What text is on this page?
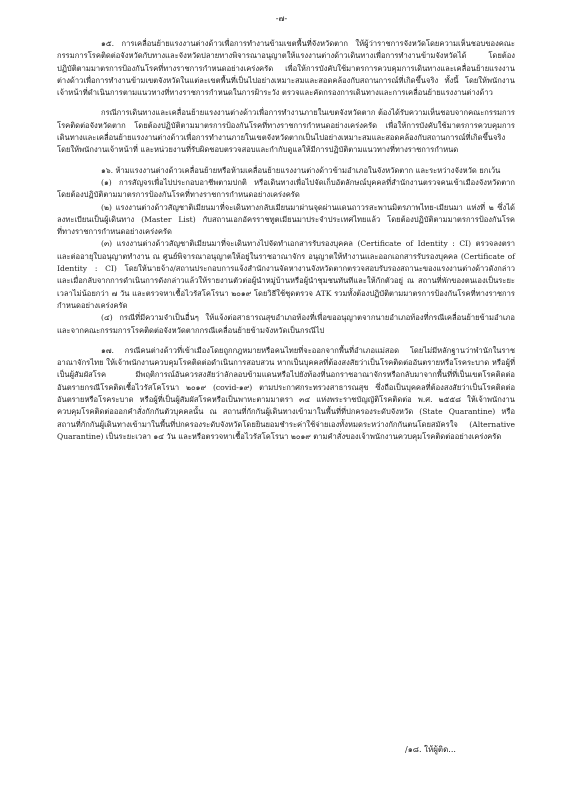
-๗-

๑๕. การเคลื่อนย้ายแรงงานต่างด้าวเพื่อการทำงานข้ามเขตพื้นที่จังหวัดตาก ให้ผู้ว่าราชการจังหวัดโดยความเห็นชอบของคณะกรรมการโรคติดต่อจังหวัดกับทางและจังหวัดปลายทางพิจารณาอนุญาตให้แรงงานต่างด้าวเดินทางเพื่อการทำงานข้ามจังหวัดได้ โดยต้องปฏิบัติตามมาตรการป้องกันโรคที่ทางราชการกำหนดอย่างเคร่งครัด เพื่อให้การบังคับใช้มาตรการควบคุมการเดินทางและเคลื่อนย้ายแรงงานต่างด้าวเพื่อการทำงานข้ามเขตจังหวัดในแต่ละเขตพื้นที่เป็นไปอย่างเหมาะสมและสอดคล้องกับสถานการณ์ที่เกิดขึ้นจริง ทั้งนี้ โดยให้พนักงานเจ้าหน้าที่ดำเนินการตามแนวทางที่ทางราชการกำหนดในการฝ้าระวัง ตรวจและคัดกรองการเดินทางและการเคลื่อนย้ายแรงงานต่างด้าว

กรณีการเดินทางและเคลื่อนย้ายแรงงานต่างด้าวเพื่อการทำงานภายในเขตจังหวัดตาก ต้องได้รับความเห็นชอบจากคณะกรรมการโรคติดต่อจังหวัดตาก โดยต้องปฏิบัติตามมาตรการป้องกันโรคที่ทางราชการกำหนดอย่างเคร่งครัด เพื่อให้การบังคับใช้มาตรการควบคุมการเดินทางและเคลื่อนย้ายแรงงานต่างด้าวเพื่อการทำงานภายในเขตจังหวัดตากเป็นไปอย่างเหมาะสมและสอดคล้องกับสถานการณ์ที่เกิดขึ้นจริง โดยให้พนักงานเจ้าหน้าที่ และหน่วยงานที่รับผิดชอบตรวจสอบและกำกับดูแลให้มีการปฏิบัติตามแนวทางที่ทางราชการกำหนด

๑๖. ห้ามแรงงานต่างด้าวเคลื่อนย้ายหรือห้ามเคลื่อนย้ายแรงงานต่างด้าวข้ามอำเภอในจังหวัดตาก และระหว่างจังหวัด ยกเว้น

(๑) การสัญจรเพื่อไปประกอบอาชีพตามปกติ หรือเดินทางเพื่อไปจัดเก็บอัตลักษณ์บุคคลที่สำนักงานตรวจคนเข้าเมืองจังหวัดตาก โดยต้องปฏิบัติตามมาตรการป้องกันโรคที่ทางราชการกำหนดอย่างเคร่งครัด

(๒) แรงงานต่างด้าวสัญชาติเมียนมาที่จะเดินทางกลับเมียนมาผ่านจุดผ่านแดนถาวรสะพานมิตรภาพไทย-เมียนมา แห่งที่ ๒ ซึ่งได้ลงทะเบียนเป็นผู้เดินทาง (Master List) กับสถานเอกอัครราชทูตเมียนมาประจำประเทศไทยแล้ว โดยต้องปฏิบัติตามมาตรการป้องกันโรคที่ทางราชการกำหนดอย่างเคร่งครัด

(๓) แรงงานต่างด้าวสัญชาติเมียนมาที่จะเดินทางไปจัดทำเอกสารรับรองบุคคล (Certificate of Identity : CI) ตรวจลงตรา และต่ออายุใบอนุญาตทำงาน ณ ศูนย์พิจารณาอนุญาตให้อยู่ในราชอาณาจักร อนุญาตให้ทำงานและออกเอกสารรับรองบุคคล (Certificate of Identity : CI) โดยให้นายจ้าง/สถานประกอบการแจ้งสำนักงานจัดหางานจังหวัดตากตรวจสอบรับรองสถานะของแรงงานต่างด้าวดังกล่าว และเมื่อกลับจากการดำเนินการดังกล่าวแล้วให้รายงานตัวต่อผู้นำหมู่บ้านหรือผู้นำชุมชนทันทีและให้กักตัวอยู่ ณ สถานที่พักของตนเองเป็นระยะเวลาไม่น้อยกว่า ๗ วัน และตรวจหาเชื้อไวรัสโคโรนา ๒๐๑๙ โดยวิธีใช้ชุดตรวจ ATK รวมทั้งต้องปฏิบัติตามมาตรการป้องกันโรคที่ทางราชการกำหนดอย่างเคร่งครัด

(๔) กรณีที่มีความจำเป็นอื่นๆ ให้แจ้งต่อสาธารณสุขอำเภอท้องที่เพื่อขออนุญาตจากนายอำเภอท้องที่กรณีเคลื่อนย้ายข้ามอำเภอ และจากคณะกรรมการโรคติดต่อจังหวัดตากกรณีเคลื่อนย้ายข้ามจังหวัดเป็นกรณีไป

๑๗. กรณีคนต่างด้าวที่เข้าเมืองโดยถูกกฎหมายหรือคนไทยที่จะออกจากพื้นที่อำเภอแม่สอด โดยไม่มีหลักฐานว่าพำนักในราชอาณาจักรไทย ให้เจ้าพนักงานควบคุมโรคติดต่อดำเนินการสอบสวน หากเป็นบุคคลที่ต้องสงสัยว่าเป็นโรคติดต่ออันตรายหรือโรคระบาด หรือผู้ที่เป็นผู้สัมผัสโรค มีพฤติการณ์อันควรสงสัยว่าลักลอบข้ามแดนหรือไปยังท้องที่นอกราชอาณาจักรหรือกลับมาจากพื้นที่ที่เป็นเขตโรคติดต่ออันตรายกรณีโรคติดเชื้อไวรัสโคโรนา ๒๐๑๙ (covid-๑๙) ตามประกาศกระทรวงสาธารณสุข ซึ่งถือเป็นบุคคลที่ต้องสงสัยว่าเป็นโรคติดต่ออันตรายหรือโรคระบาด หรือผู้ที่เป็นผู้สัมผัสโรคหรือเป็นพาหะตามมาตรา ๓๔ แห่งพระราชบัญญัติโรคติดต่อ พ.ศ. ๒๕๕๘ ให้เจ้าพนักงานควบคุมโรคติดต่อออกคำสั่งกักกันตัวบุคคลนั้น ณ สถานที่กักกันผู้เดินทางเข้ามาในพื้นที่ที่ปกครองระดับจังหวัด (State Quarantine) หรือ สถานที่กักกันผู้เดินทางเข้ามาในพื้นที่ปกครองระดับจังหวัดโดยยินยอมชำระค่าใช้จ่ายเองทั้งหมดระหว่างกักกันตนโดยสมัครใจ (Alternative Quarantine) เป็นระยะเวลา ๑๔ วัน และหรือตรวจหาเชื้อไวรัสโคโรนา ๒๐๑๙ ตามคำสั่งของเจ้าพนักงานควบคุมโรคติดต่ออย่างเคร่งครัด

/๑๘. ให้ผู้ติด...
